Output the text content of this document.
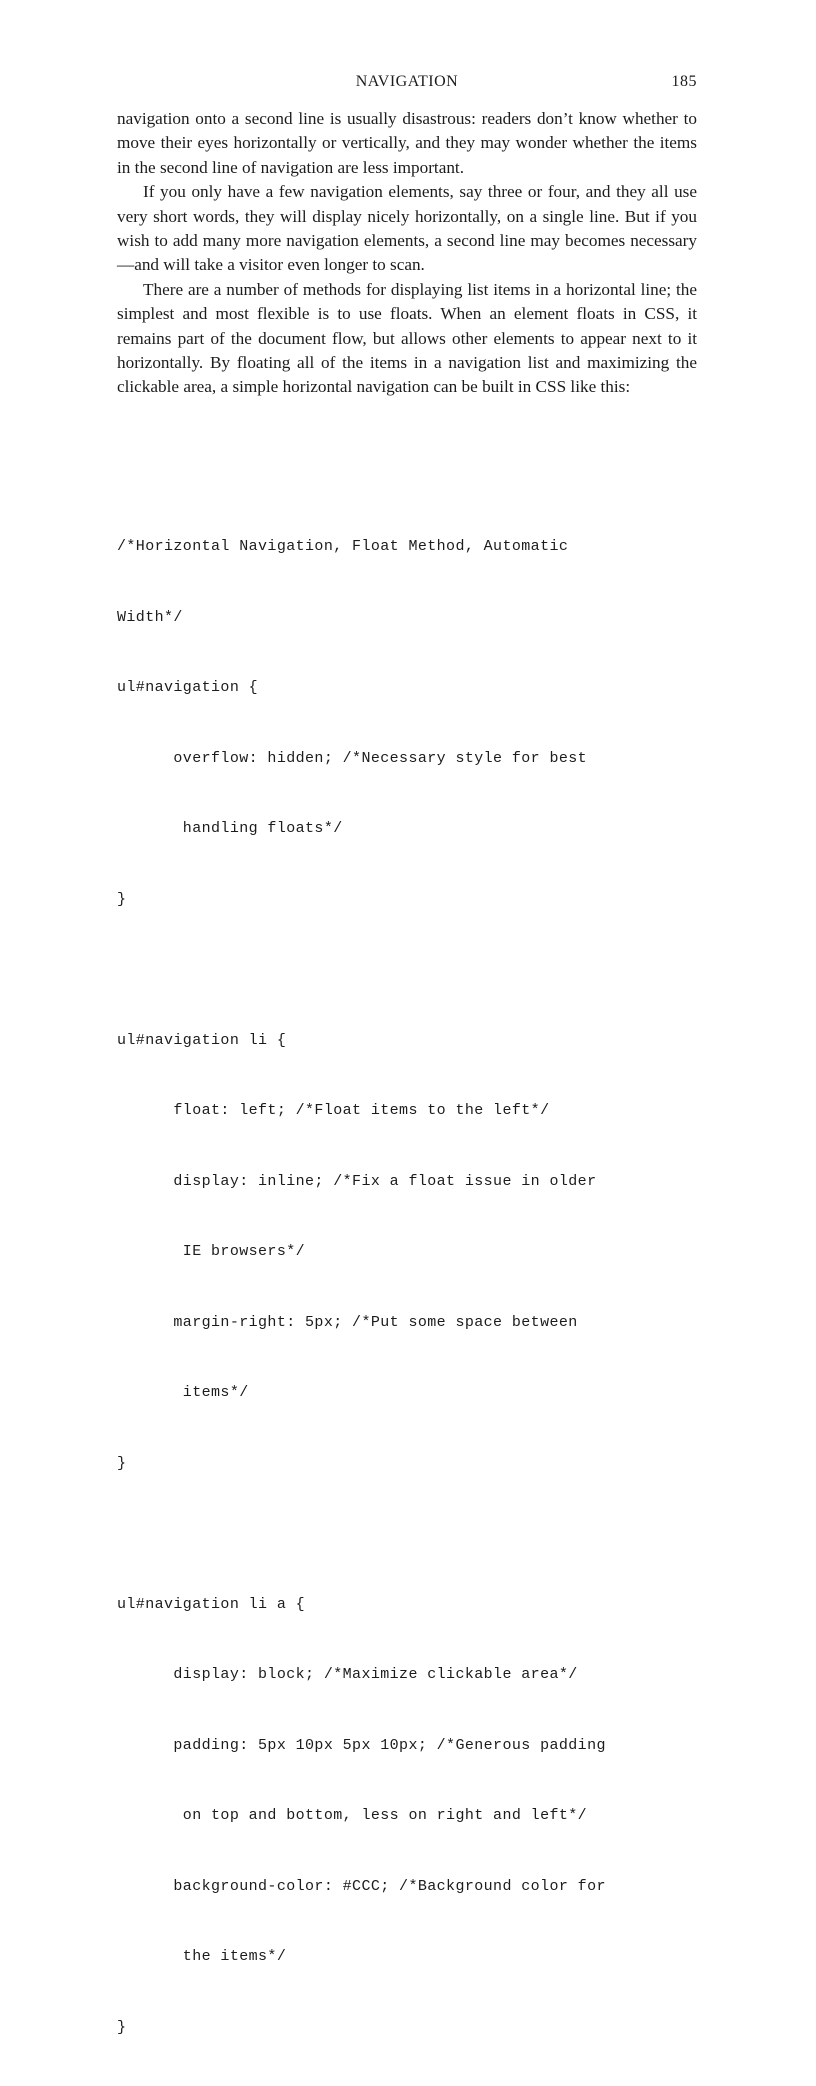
NAVIGATION	185

navigation onto a second line is usually disastrous: readers don’t know whether to move their eyes horizontally or vertically, and they may wonder whether the items in the second line of navigation are less important.

If you only have a few navigation elements, say three or four, and they all use very short words, they will display nicely horizontally, on a single line. But if you wish to add many more navigation elements, a second line may becomes necessary—and will take a visitor even longer to scan.

There are a number of methods for displaying list items in a horizontal line; the simplest and most flexible is to use floats. When an element floats in CSS, it remains part of the document flow, but allows other elements to appear next to it horizontally. By floating all of the items in a navigation list and maximizing the clickable area, a simple horizontal navigation can be built in CSS like this:

/*Horizontal Navigation, Float Method, Automatic

Width*/

ul#navigation {

overflow: hidden; /*Necessary style for best

handling floats*/

}

ul#navigation li {

float: left; /*Float items to the left*/

display: inline; /*Fix a float issue in older

IE browsers*/

margin-right: 5px; /*Put some space between

items*/

}

ul#navigation li a {

display: block; /*Maximize clickable area*/

padding: 5px 10px 5px 10px; /*Generous padding

on top and bottom, less on right and left*/

background-color: #CCC; /*Background color for

the items*/

}
